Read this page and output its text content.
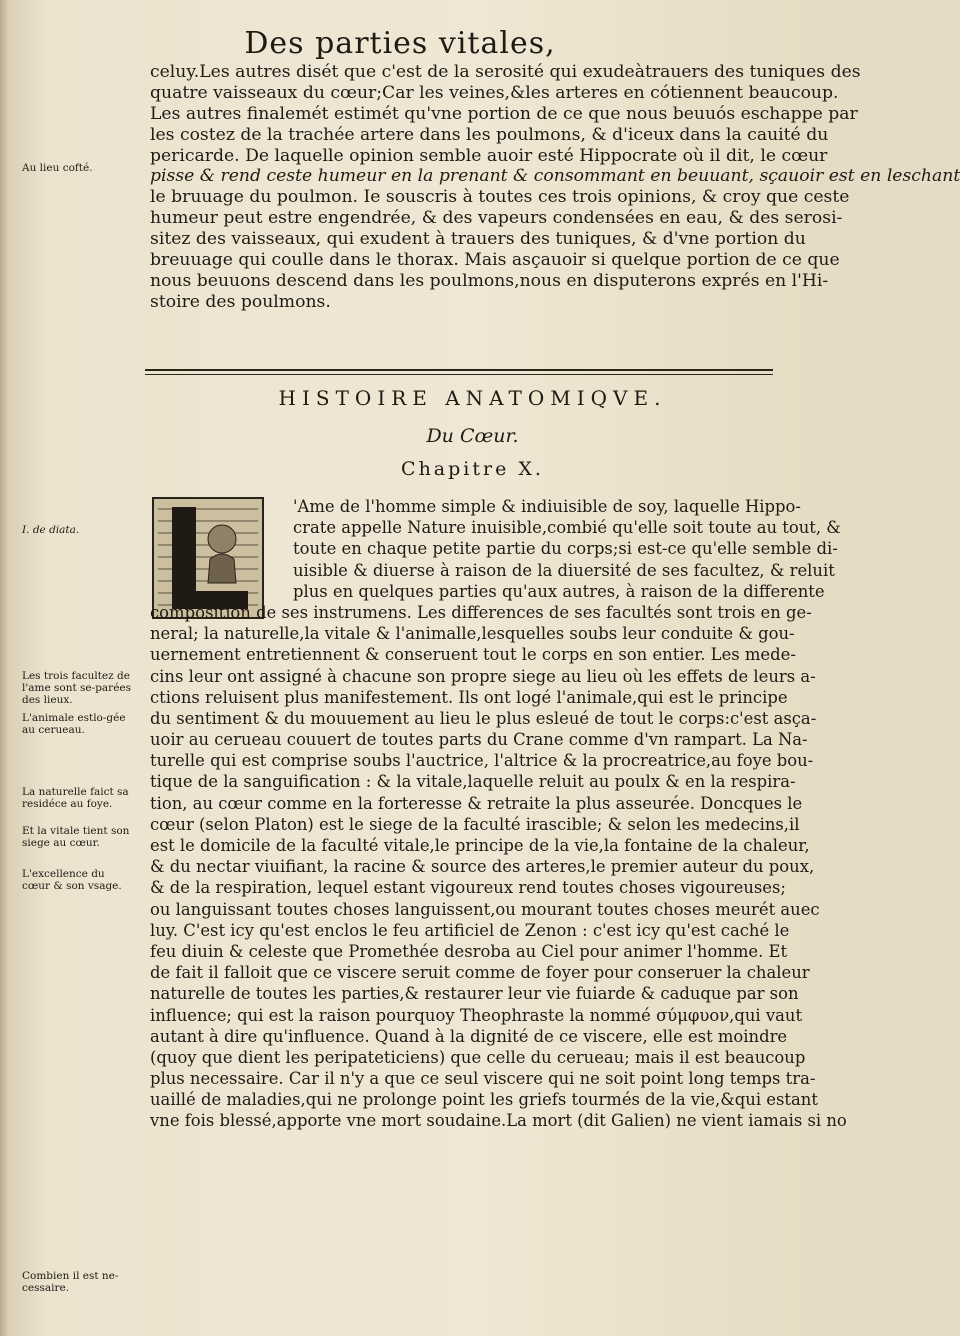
Des parties vitales,
celuy.Les autres disét que c'est de la serosité qui exudeàtrauers des tuniques des
quatre vaisseaux du cœur;Car les veines,&les arteres en cótiennent beaucoup.
Les autres finalemét estimét qu'vne portion de ce que nous beuuós eschappe par
les costez de la trachée artere dans les poulmons, & d'iceux dans la cauité du
pericarde. De laquelle opinion semble auoir esté Hippocrate où il dit, le cœur
pisse & rend ceste humeur en la prenant & consommant en beuuant, sçauoir est en leschant
le bruuage du poulmon. Ie souscris à toutes ces trois opinions, & croy que ceste
humeur peut estre engendrée, & des vapeurs condensées en eau, & des serosi-
sitez des vaisseaux, qui exudent à trauers des tuniques, & d'vne portion du
breuuage qui coulle dans le thorax. Mais asçauoir si quelque portion de ce que
nous beuuons descend dans les poulmons,nous en disputerons exprés en l'Hi-
stoire des poulmons.
HISTOIRE ANATOMIQVE.
Du Cœur.
Chapitre X.
'Ame de l'homme simple & indiuisible de soy, laquelle Hippo-
crate appelle Nature inuisible,combié qu'elle soit toute au tout, &
toute en chaque petite partie du corps;si est-ce qu'elle semble di-
uisible & diuerse à raison de la diuersité de ses facultez, & reluit
plus en quelques parties qu'aux autres, à raison de la differente
composition de ses instrumens. Les differences de ses facultés sont trois en ge-
neral; la naturelle,la vitale & l'animalle,lesquelles soubs leur conduite & gou-
uernement entretiennent & conseruent tout le corps en son entier. Les mede-
cins leur ont assigné à chacune son propre siege au lieu où les effets de leurs a-
ctions reluisent plus manifestement. Ils ont logé l'animale,qui est le principe
du sentiment & du mouuement au lieu le plus esleué de tout le corps:c'est asça-
uoir au cerueau couuert de toutes parts du Crane comme d'vn rampart. La Na-
turelle qui est comprise soubs l'auctrice, l'altrice & la procreatrice,au foye bou-
tique de la sanguification : & la vitale,laquelle reluit au poulx & en la respira-
tion, au cœur comme en la forteresse & retraite la plus asseurée. Doncques le
cœur (selon Platon) est le siege de la faculté irascible; & selon les medecins,il
est le domicile de la faculté vitale,le principe de la vie,la fontaine de la chaleur,
& du nectar viuifiant, la racine & source des arteres,le premier auteur du poux,
& de la respiration, lequel estant vigoureux rend toutes choses vigoureuses;
ou languissant toutes choses languissent,ou mourant toutes choses meurét auec
luy. C'est icy qu'est enclos le feu artificiel de Zenon : c'est icy qu'est caché le
feu diuin & celeste que Promethée desroba au Ciel pour animer l'homme. Et
de fait il falloit que ce viscere seruit comme de foyer pour conseruer la chaleur
naturelle de toutes les parties,& restaurer leur vie fuiarde & caduque par son
influence; qui est la raison pourquoy Theophraste la nommé σύμφυον,qui vaut
autant à dire qu'influence. Quand à la dignité de ce viscere, elle est moindre
(quoy que dient les peripateticiens) que celle du cerueau; mais il est beaucoup
plus necessaire. Car il n'y a que ce seul viscere qui ne soit point long temps tra-
uaillé de maladies,qui ne prolonge point les griefs tourmés de la vie,&qui estant
vne fois blessé,apporte vne mort soudaine.La mort (dit Galien) ne vient iamais si no
Au lieu cofté.
I. de diata.
Les trois facultez de l'ame sont se-parées des lieux.
L'animale estlo-gée au cerueau.
La naturelle faict sa residéce au foye.
Et la vitale tient son siege au cœur.
L'excellence du cœur & son vsage.
Combien il est ne-cessaire.
